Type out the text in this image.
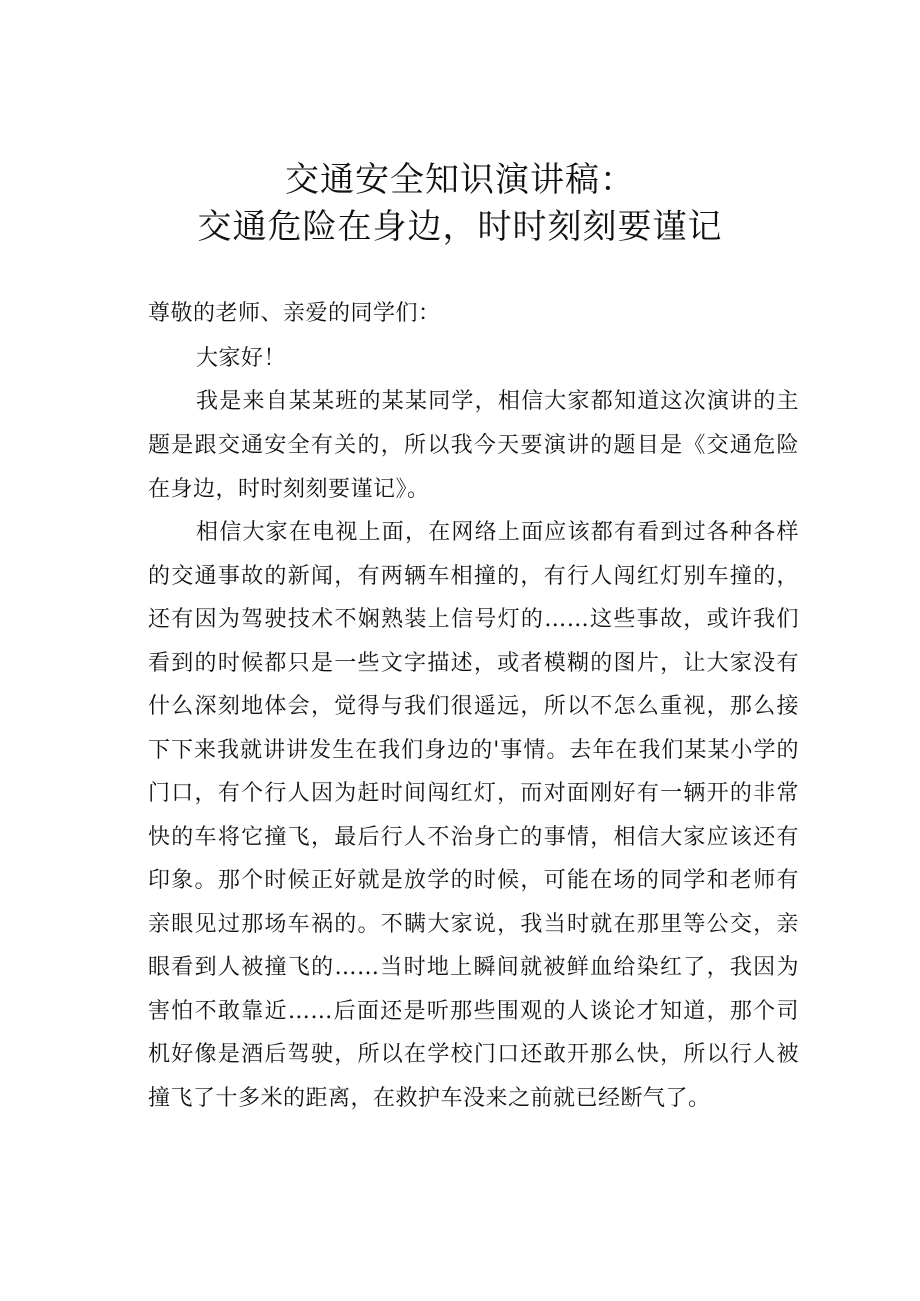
交通安全知识演讲稿：
交通危险在身边，时时刻刻要谨记
尊敬的老师、亲爱的同学们：
大家好！
我是来自某某班的某某同学，相信大家都知道这次演讲的主
题是跟交通安全有关的，所以我今天要演讲的题目是《交通危险
在身边，时时刻刻要谨记》。
相信大家在电视上面，在网络上面应该都有看到过各种各样
的交通事故的新闻，有两辆车相撞的，有行人闯红灯别车撞的，
还有因为驾驶技术不娴熟装上信号灯的……这些事故，或许我们
看到的时候都只是一些文字描述，或者模糊的图片，让大家没有
什么深刻地体会，觉得与我们很遥远，所以不怎么重视，那么接
下下来我就讲讲发生在我们身边的'事情。去年在我们某某小学的
门口，有个行人因为赶时间闯红灯，而对面刚好有一辆开的非常
快的车将它撞飞，最后行人不治身亡的事情，相信大家应该还有
印象。那个时候正好就是放学的时候，可能在场的同学和老师有
亲眼见过那场车祸的。不瞒大家说，我当时就在那里等公交，亲
眼看到人被撞飞的……当时地上瞬间就被鲜血给染红了，我因为
害怕不敢靠近……后面还是听那些围观的人谈论才知道，那个司
机好像是酒后驾驶，所以在学校门口还敢开那么快，所以行人被
撞飞了十多米的距离，在救护车没来之前就已经断气了。
